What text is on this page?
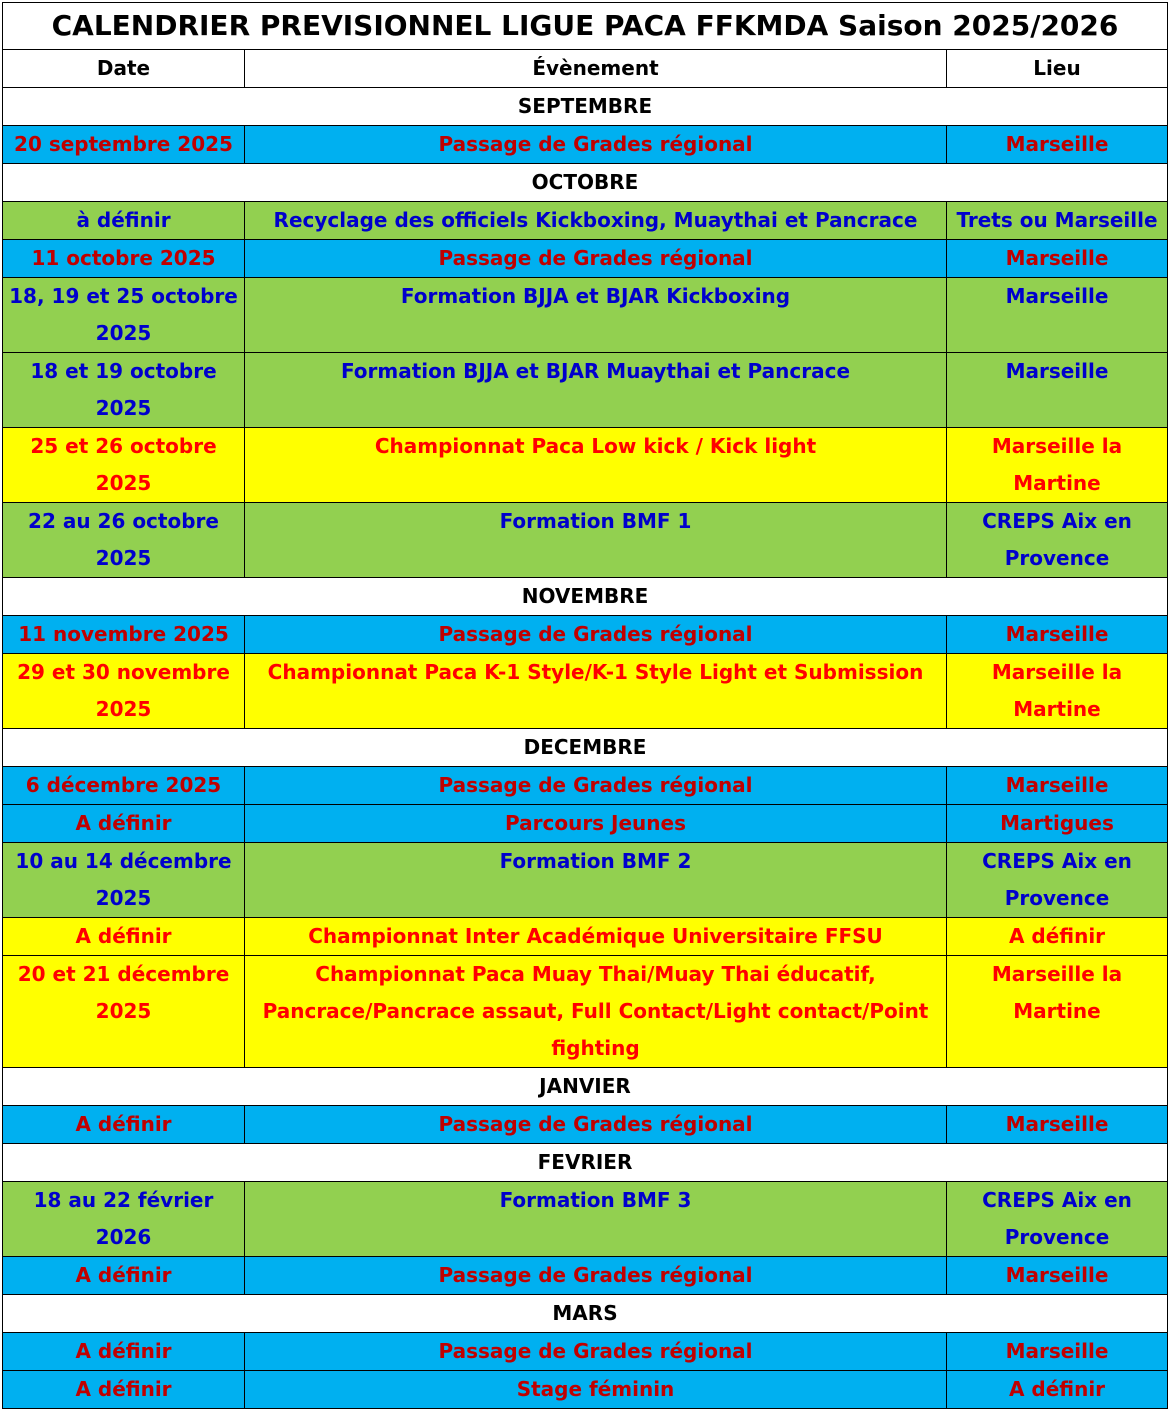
CALENDRIER PREVISIONNEL LIGUE PACA FFKMDA Saison 2025/2026		
Date	Évènement	Lieu
SEPTEMBRE		
20 septembre 2025	Passage de Grades régional	Marseille
OCTOBRE		
à définir	Recyclage des officiels Kickboxing, Muaythai et Pancrace	Trets ou Marseille
11 octobre 2025	Passage de Grades régional	Marseille
18, 19 et 25 octobre 2025	Formation BJJA et BJAR Kickboxing	Marseille
18 et 19 octobre 2025	Formation BJJA et BJAR Muaythai et Pancrace	Marseille
25 et 26 octobre 2025	Championnat Paca Low kick / Kick light	Marseille la Martine
22 au 26 octobre 2025	Formation BMF 1	CREPS Aix en Provence
NOVEMBRE		
11 novembre 2025	Passage de Grades régional	Marseille
29 et 30 novembre 2025	Championnat Paca K-1 Style/K-1 Style Light et Submission	Marseille la Martine
DECEMBRE		
6 décembre 2025	Passage de Grades régional	Marseille
A définir	Parcours Jeunes	Martigues
10 au 14 décembre 2025	Formation BMF 2	CREPS Aix en Provence
A définir	Championnat Inter Académique Universitaire FFSU	A définir
20 et 21 décembre 2025	Championnat Paca Muay Thai/Muay Thai éducatif, Pancrace/Pancrace assaut, Full Contact/Light contact/Point fighting	Marseille la Martine
JANVIER		
A définir	Passage de Grades régional	Marseille
FEVRIER		
18 au 22 février 2026	Formation BMF 3	CREPS Aix en Provence
A définir	Passage de Grades régional	Marseille
MARS		
A définir	Passage de Grades régional	Marseille
A définir	Stage féminin	A définir
